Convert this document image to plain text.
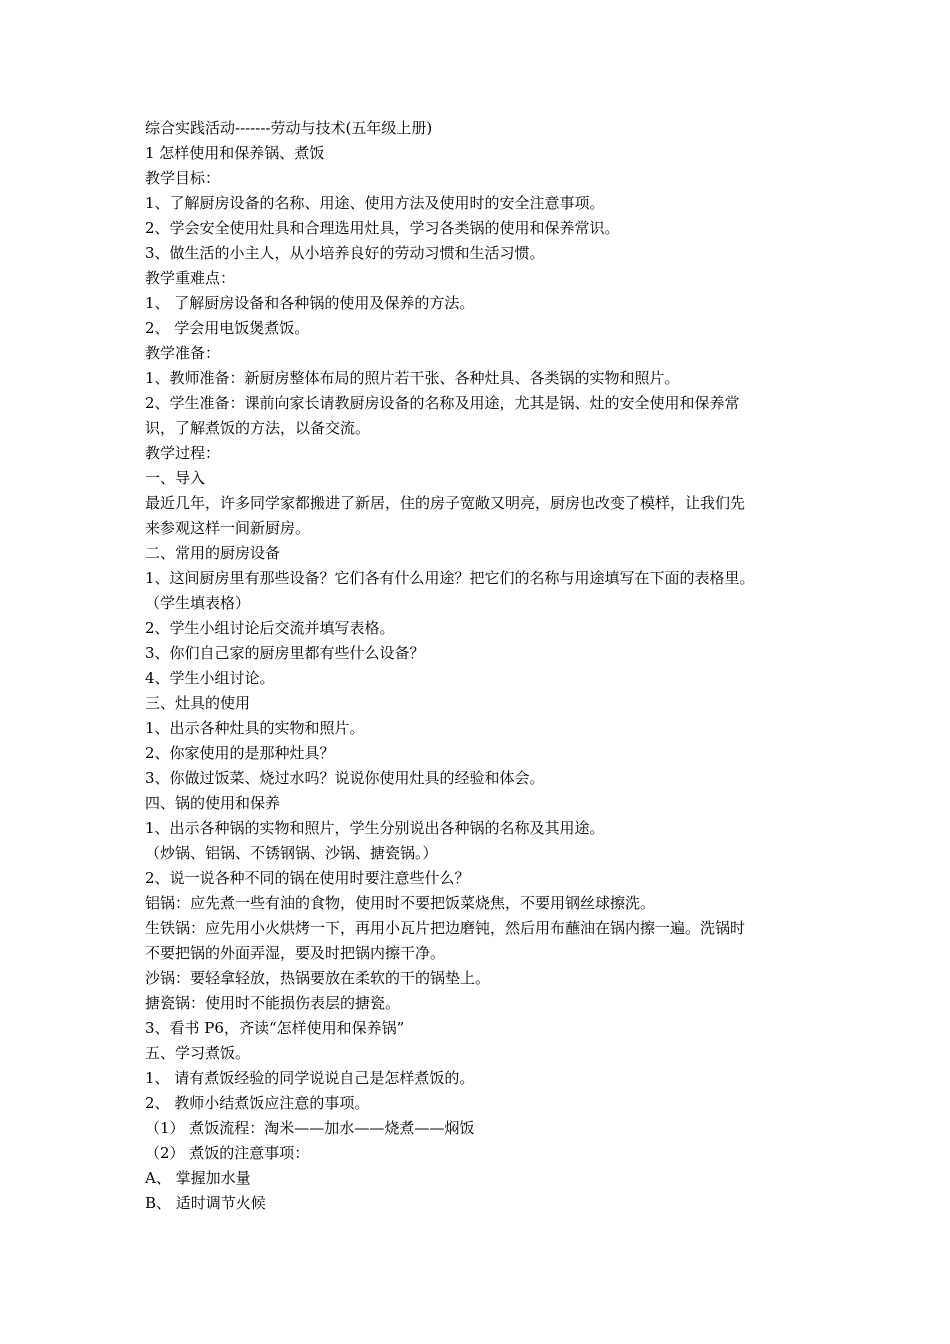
综合实践活动-------劳动与技术(五年级上册)
1 怎样使用和保养锅、煮饭
教学目标：
1、了解厨房设备的名称、用途、使用方法及使用时的安全注意事项。
2、学会安全使用灶具和合理选用灶具，学习各类锅的使用和保养常识。
3、做生活的小主人，从小培养良好的劳动习惯和生活习惯。
教学重难点：
1、 了解厨房设备和各种锅的使用及保养的方法。
2、 学会用电饭煲煮饭。
教学准备：
1、教师准备：新厨房整体布局的照片若干张、各种灶具、各类锅的实物和照片。
2、学生准备：课前向家长请教厨房设备的名称及用途，尤其是锅、灶的安全使用和保养常
识，了解煮饭的方法，以备交流。
教学过程：
一、导入
最近几年，许多同学家都搬进了新居，住的房子宽敞又明亮，厨房也改变了模样，让我们先
来参观这样一间新厨房。
二、常用的厨房设备
1、这间厨房里有那些设备？它们各有什么用途？把它们的名称与用途填写在下面的表格里。
（学生填表格）
2、学生小组讨论后交流并填写表格。
3、你们自己家的厨房里都有些什么设备？
4、学生小组讨论。
三、灶具的使用
1、出示各种灶具的实物和照片。
2、你家使用的是那种灶具？
3、你做过饭菜、烧过水吗？说说你使用灶具的经验和体会。
四、锅的使用和保养
1、出示各种锅的实物和照片，学生分别说出各种锅的名称及其用途。
（炒锅、铝锅、不锈钢锅、沙锅、搪瓷锅。）
2、说一说各种不同的锅在使用时要注意些什么？
铝锅：应先煮一些有油的食物，使用时不要把饭菜烧焦，不要用钢丝球擦洗。
生铁锅：应先用小火烘烤一下，再用小瓦片把边磨钝，然后用布蘸油在锅内擦一遍。洗锅时
不要把锅的外面弄湿，要及时把锅内擦干净。
沙锅：要轻拿轻放，热锅要放在柔软的干的锅垫上。
搪瓷锅：使用时不能损伤表层的搪瓷。
3、看书 P6，齐读“怎样使用和保养锅”
五、学习煮饭。
1、 请有煮饭经验的同学说说自己是怎样煮饭的。
2、 教师小结煮饭应注意的事项。
（1） 煮饭流程：淘米——加水——烧煮——焖饭
（2） 煮饭的注意事项：
A、 掌握加水量
B、 适时调节火候
